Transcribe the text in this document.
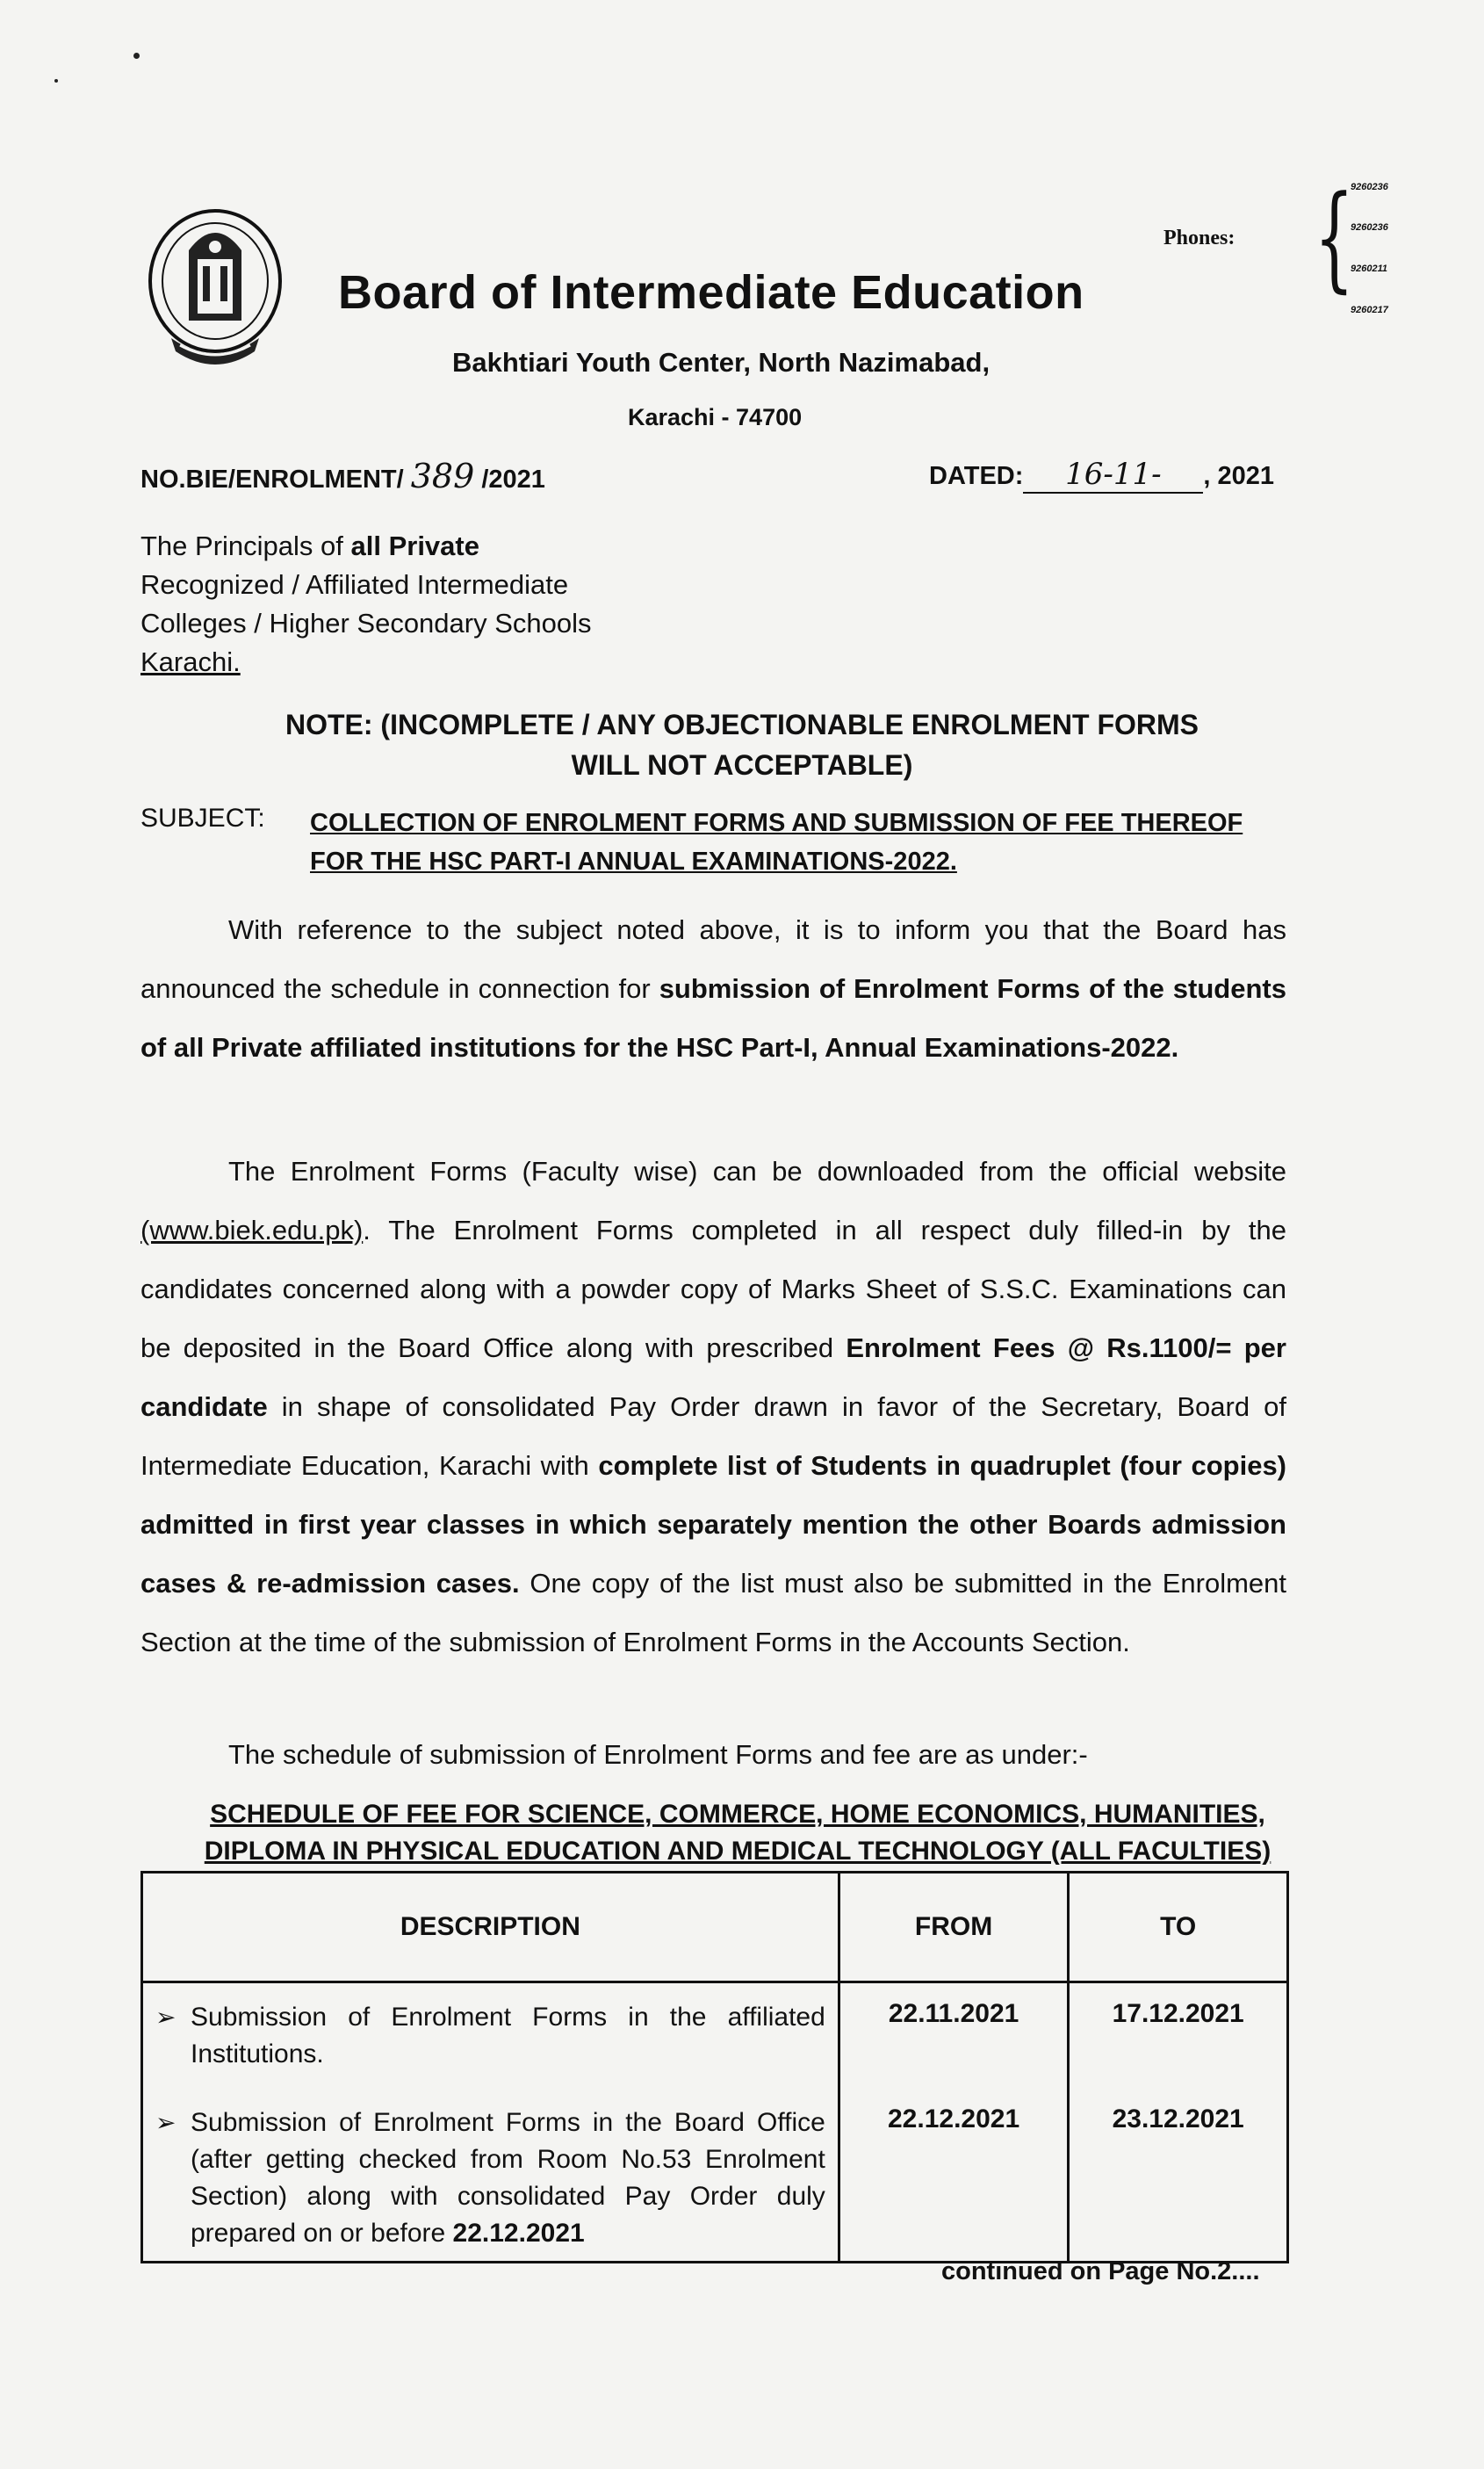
Board of Intermediate Education
Bakhtiari Youth Center, North Nazimabad,
Karachi - 74700
Phones: {
9260236
9260236
9260211
9260217
NO.BIE/ENROLMENT/ 389 /2021	DATED: 16-11- , 2021
The Principals of all Private
Recognized / Affiliated Intermediate
Colleges / Higher Secondary Schools
Karachi.
NOTE: (INCOMPLETE / ANY OBJECTIONABLE ENROLMENT FORMS
WILL NOT ACCEPTABLE)
SUBJECT: COLLECTION OF ENROLMENT FORMS AND SUBMISSION OF FEE THEREOF FOR THE HSC PART-I ANNUAL EXAMINATIONS-2022.

With reference to the subject noted above, it is to inform you that the Board has announced the schedule in connection for submission of Enrolment Forms of the students of all Private affiliated institutions for the HSC Part-I, Annual Examinations-2022.

The Enrolment Forms (Faculty wise) can be downloaded from the official website (www.biek.edu.pk). The Enrolment Forms completed in all respect duly filled-in by the candidates concerned along with a powder copy of Marks Sheet of S.S.C. Examinations can be deposited in the Board Office along with prescribed Enrolment Fees @ Rs.1100/= per candidate in shape of consolidated Pay Order drawn in favor of the Secretary, Board of Intermediate Education, Karachi with complete list of Students in quadruplet (four copies) admitted in first year classes in which separately mention the other Boards admission cases & re-admission cases. One copy of the list must also be submitted in the Enrolment Section at the time of the submission of Enrolment Forms in the Accounts Section.

The schedule of submission of Enrolment Forms and fee are as under:-
SCHEDULE OF FEE FOR SCIENCE, COMMERCE, HOME ECONOMICS, HUMANITIES,
DIPLOMA IN PHYSICAL EDUCATION AND MEDICAL TECHNOLOGY (ALL FACULTIES)
DESCRIPTION	FROM	TO

➢ Submission of Enrolment Forms in the affiliated Institutions.	22.11.2021	17.12.2021

➢ Submission of Enrolment Forms in the Board Office (after getting checked from Room No.53 Enrolment Section) along with consolidated Pay Order duly prepared on or before 22.12.2021	22.12.2021	23.12.2021
continued on Page No.2....
